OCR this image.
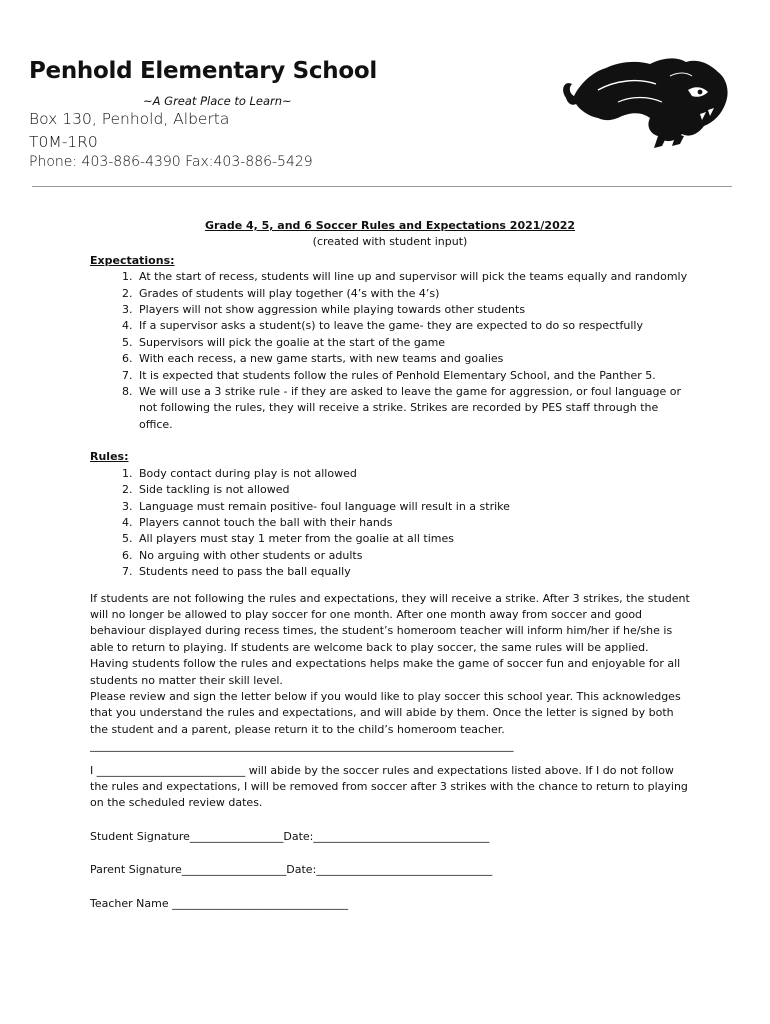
Penhold Elementary School
~A Great Place to Learn~
Box 130, Penhold, Alberta
T0M-1R0
Phone: 403-886-4390 Fax:403-886-5429
Grade 4, 5, and 6 Soccer Rules and Expectations 2021/2022
(created with student input)
Expectations:
1. At the start of recess, students will line up and supervisor will pick the teams equally and randomly
2. Grades of students will play together (4’s with the 4’s)
3. Players will not show aggression while playing towards other students
4. If a supervisor asks a student(s) to leave the game- they are expected to do so respectfully
5. Supervisors will pick the goalie at the start of the game
6. With each recess, a new game starts, with new teams and goalies
7. It is expected that students follow the rules of Penhold Elementary School, and the Panther 5.
8. We will use a 3 strike rule - if they are asked to leave the game for aggression, or foul language or not following the rules, they will receive a strike. Strikes are recorded by PES staff through the office.
Rules:
1. Body contact during play is not allowed
2. Side tackling is not allowed
3. Language must remain positive- foul language will result in a strike
4. Players cannot touch the ball with their hands
5. All players must stay 1 meter from the goalie at all times
6. No arguing with other students or adults
7. Students need to pass the ball equally
If students are not following the rules and expectations, they will receive a strike. After 3 strikes, the student will no longer be allowed to play soccer for one month. After one month away from soccer and good behaviour displayed during recess times, the student’s homeroom teacher will inform him/her if he/she is able to return to playing. If students are welcome back to play soccer, the same rules will be applied. Having students follow the rules and expectations helps make the game of soccer fun and enjoyable for all students no matter their skill level.
Please review and sign the letter below if you would like to play soccer this school year. This acknowledges that you understand the rules and expectations, and will abide by them. Once the letter is signed by both the student and a parent, please return it to the child’s homeroom teacher.
_____________________________________________________________________________
I ___________________________ will abide by the soccer rules and expectations listed above. If I do not follow the rules and expectations, I will be removed from soccer after 3 strikes with the chance to return to playing on the scheduled review dates.
Student Signature_________________Date:________________________________
Parent Signature___________________Date:________________________________
Teacher Name ________________________________
